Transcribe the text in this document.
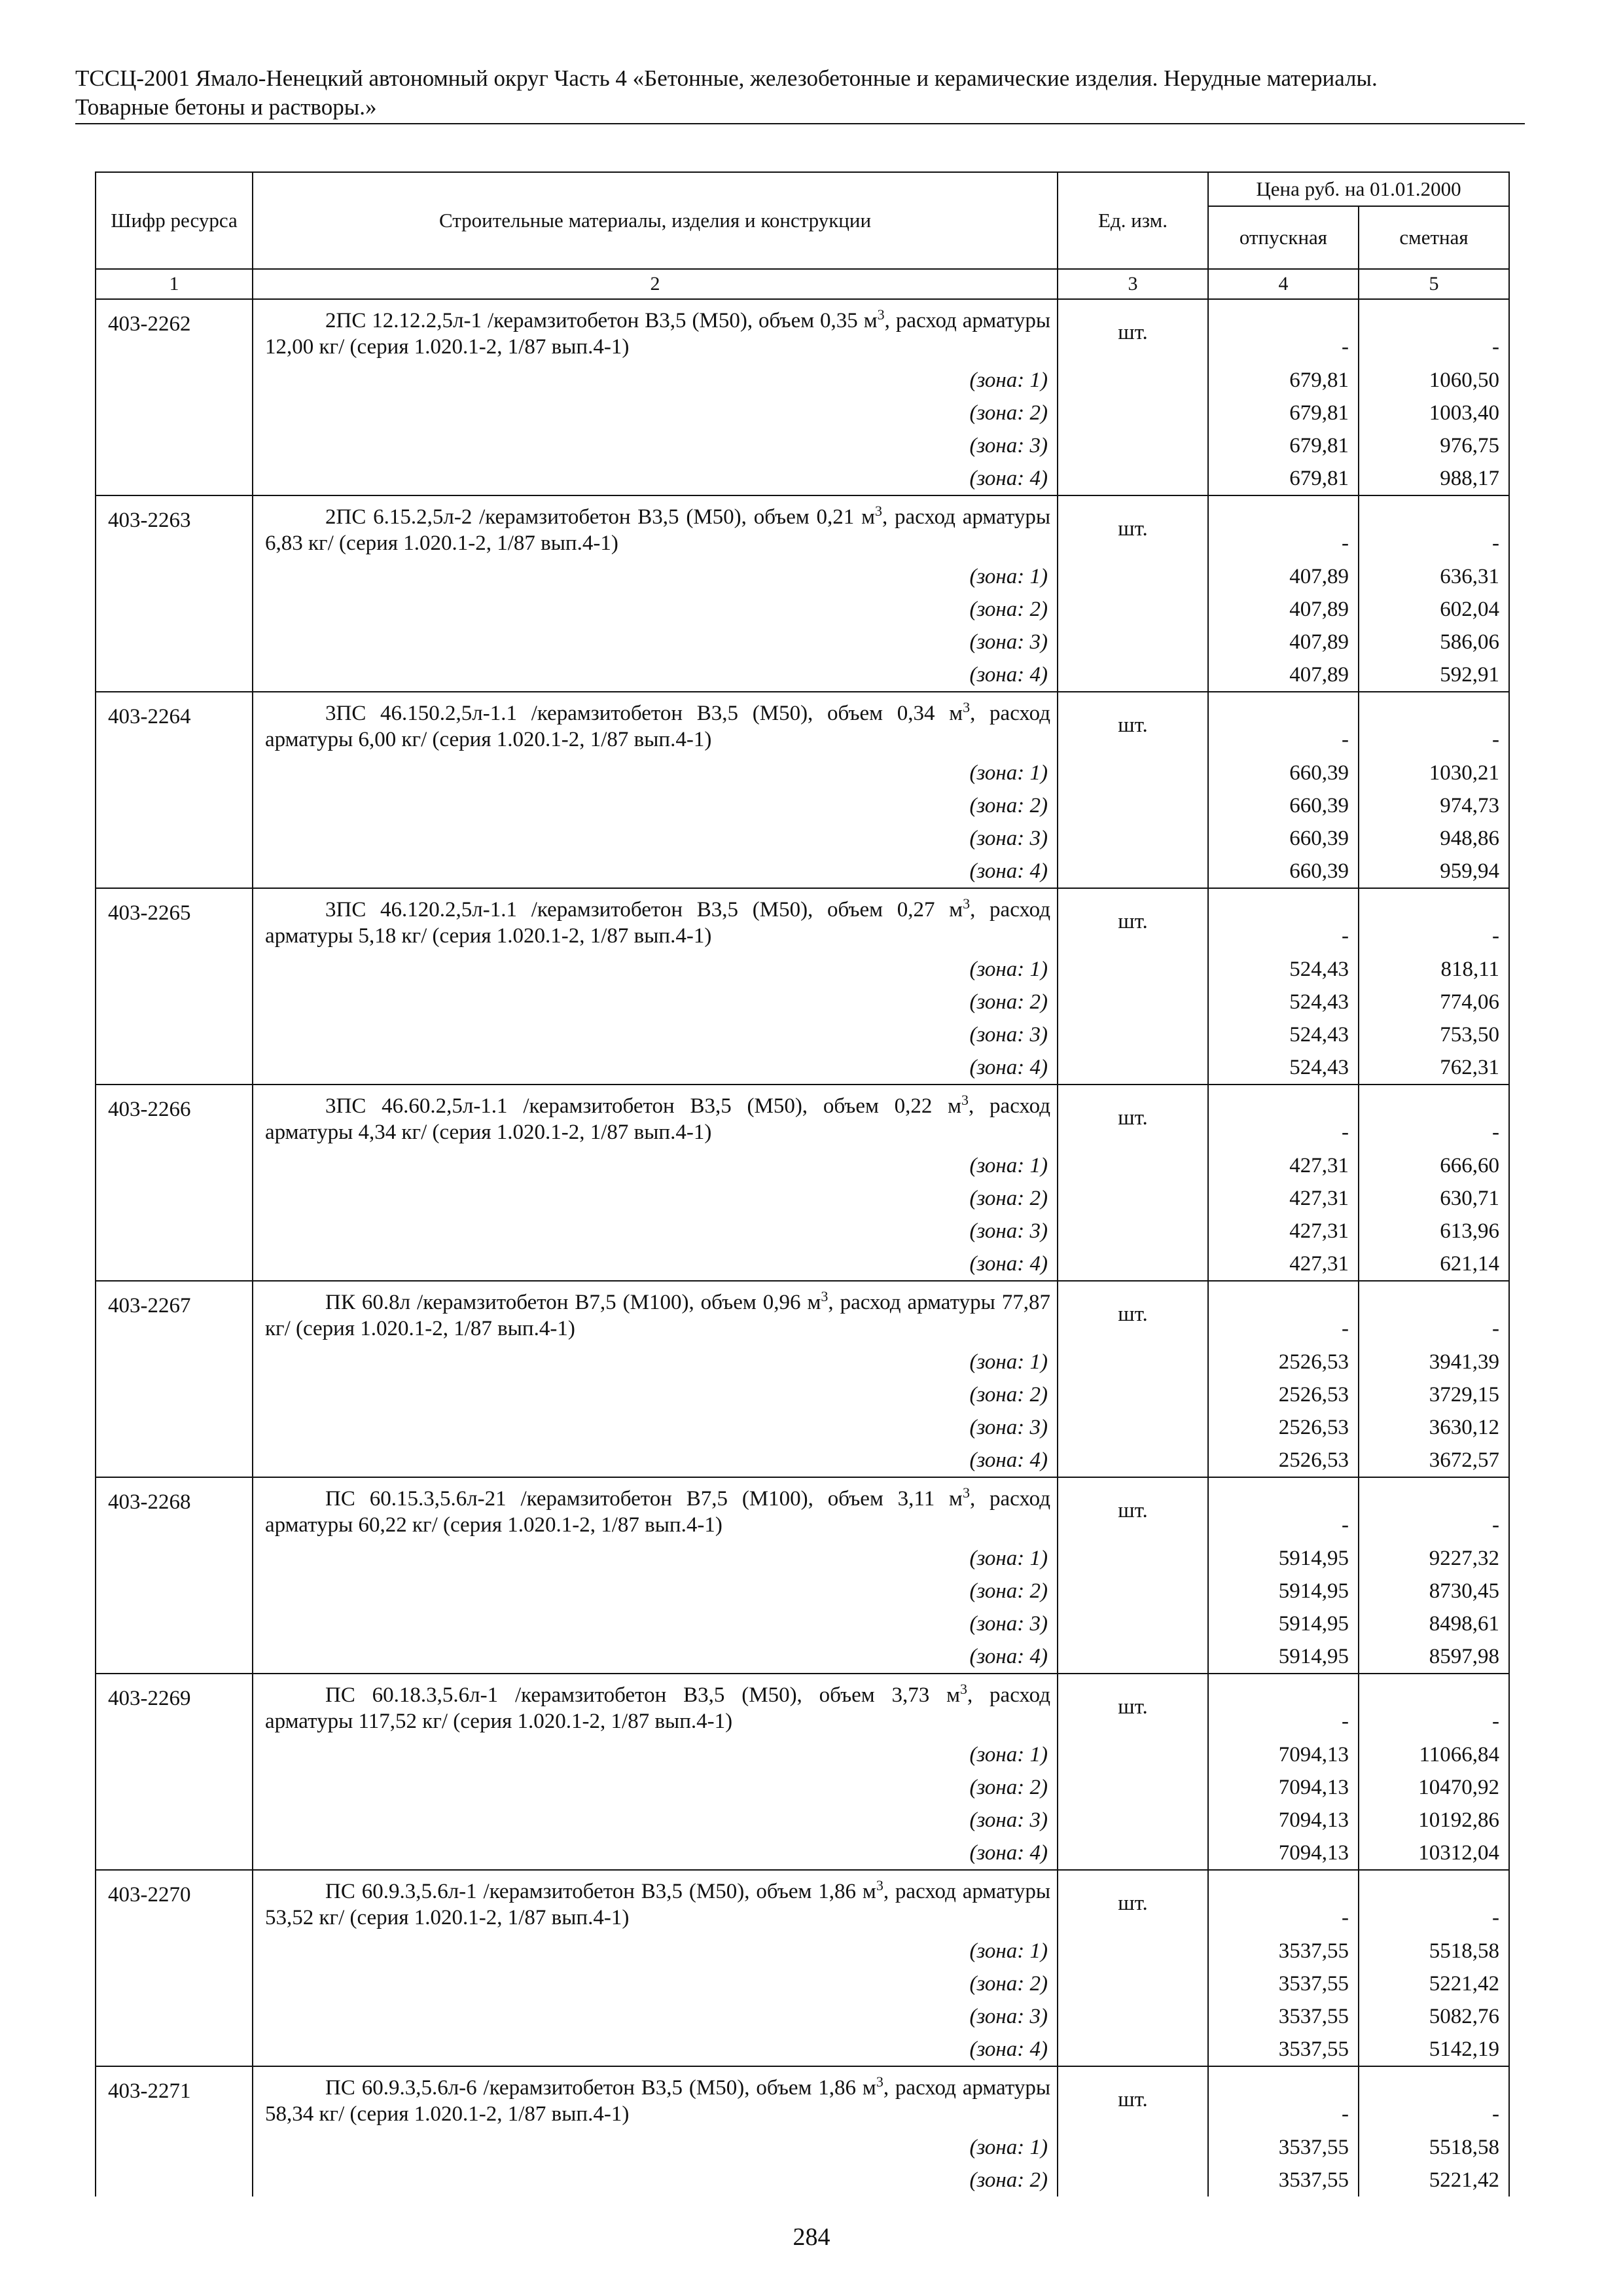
ТССЦ-2001 Ямало-Ненецкий автономный округ Часть 4 «Бетонные, железобетонные и керамические изделия. Нерудные материалы.
Товарные бетоны и растворы.»
Шифр ресурса	Строительные материалы, изделия и конструкции	Ед. изм.	Цена руб. на 01.01.2000	
			отпускная	сметная
1	2	3	4	5
403-2262	2ПС 12.12.2,5л-1 /керамзитобетон В3,5 (М50), объем 0,35 $м^3$, расход арматуры 12,00 кг/ (серия 1.020.1-2, 1/87 вып.4-1)	шт.	-	-
	(зона: 1)		679,81	1060,50
	(зона: 2)		679,81	1003,40
	(зона: 3)		679,81	976,75
	(зона: 4)		679,81	988,17
403-2263	2ПС 6.15.2,5л-2 /керамзитобетон В3,5 (М50), объем 0,21 $м^3$, расход арматуры 6,83 кг/ (серия 1.020.1-2, 1/87 вып.4-1)	шт.	-	-
	(зона: 1)		407,89	636,31
	(зона: 2)		407,89	602,04
	(зона: 3)		407,89	586,06
	(зона: 4)		407,89	592,91
403-2264	3ПС 46.150.2,5л-1.1 /керамзитобетон В3,5 (М50), объем 0,34 $м^3$, расход арматуры 6,00 кг/ (серия 1.020.1-2, 1/87 вып.4-1)	шт.	-	-
	(зона: 1)		660,39	1030,21
	(зона: 2)		660,39	974,73
	(зона: 3)		660,39	948,86
	(зона: 4)		660,39	959,94
403-2265	3ПС 46.120.2,5л-1.1 /керамзитобетон В3,5 (М50), объем 0,27 $м^3$, расход арматуры 5,18 кг/ (серия 1.020.1-2, 1/87 вып.4-1)	шт.	-	-
	(зона: 1)		524,43	818,11
	(зона: 2)		524,43	774,06
	(зона: 3)		524,43	753,50
	(зона: 4)		524,43	762,31
403-2266	3ПС 46.60.2,5л-1.1 /керамзитобетон В3,5 (М50), объем 0,22 $м^3$, расход арматуры 4,34 кг/ (серия 1.020.1-2, 1/87 вып.4-1)	шт.	-	-
	(зона: 1)		427,31	666,60
	(зона: 2)		427,31	630,71
	(зона: 3)		427,31	613,96
	(зона: 4)		427,31	621,14
403-2267	ПК 60.8л /керамзитобетон В7,5 (М100), объем 0,96 $м^3$, расход арматуры 77,87 кг/ (серия 1.020.1-2, 1/87 вып.4-1)	шт.	-	-
	(зона: 1)		2526,53	3941,39
	(зона: 2)		2526,53	3729,15
	(зона: 3)		2526,53	3630,12
	(зона: 4)		2526,53	3672,57
403-2268	ПС 60.15.3,5.6л-21 /керамзитобетон В7,5 (М100), объем 3,11 $м^3$, расход арматуры 60,22 кг/ (серия 1.020.1-2, 1/87 вып.4-1)	шт.	-	-
	(зона: 1)		5914,95	9227,32
	(зона: 2)		5914,95	8730,45
	(зона: 3)		5914,95	8498,61
	(зона: 4)		5914,95	8597,98
403-2269	ПС 60.18.3,5.6л-1 /керамзитобетон В3,5 (М50), объем 3,73 $м^3$, расход арматуры 117,52 кг/ (серия 1.020.1-2, 1/87 вып.4-1)	шт.	-	-
	(зона: 1)		7094,13	11066,84
	(зона: 2)		7094,13	10470,92
	(зона: 3)		7094,13	10192,86
	(зона: 4)		7094,13	10312,04
403-2270	ПС 60.9.3,5.6л-1 /керамзитобетон В3,5 (М50), объем 1,86 $м^3$, расход арматуры 53,52 кг/ (серия 1.020.1-2, 1/87 вып.4-1)	шт.	-	-
	(зона: 1)		3537,55	5518,58
	(зона: 2)		3537,55	5221,42
	(зона: 3)		3537,55	5082,76
	(зона: 4)		3537,55	5142,19
403-2271	ПС 60.9.3,5.6л-6 /керамзитобетон В3,5 (М50), объем 1,86 $м^3$, расход арматуры 58,34 кг/ (серия 1.020.1-2, 1/87 вып.4-1)	шт.	-	-
	(зона: 1)		3537,55	5518,58
	(зона: 2)		3537,55	5221,42
284
